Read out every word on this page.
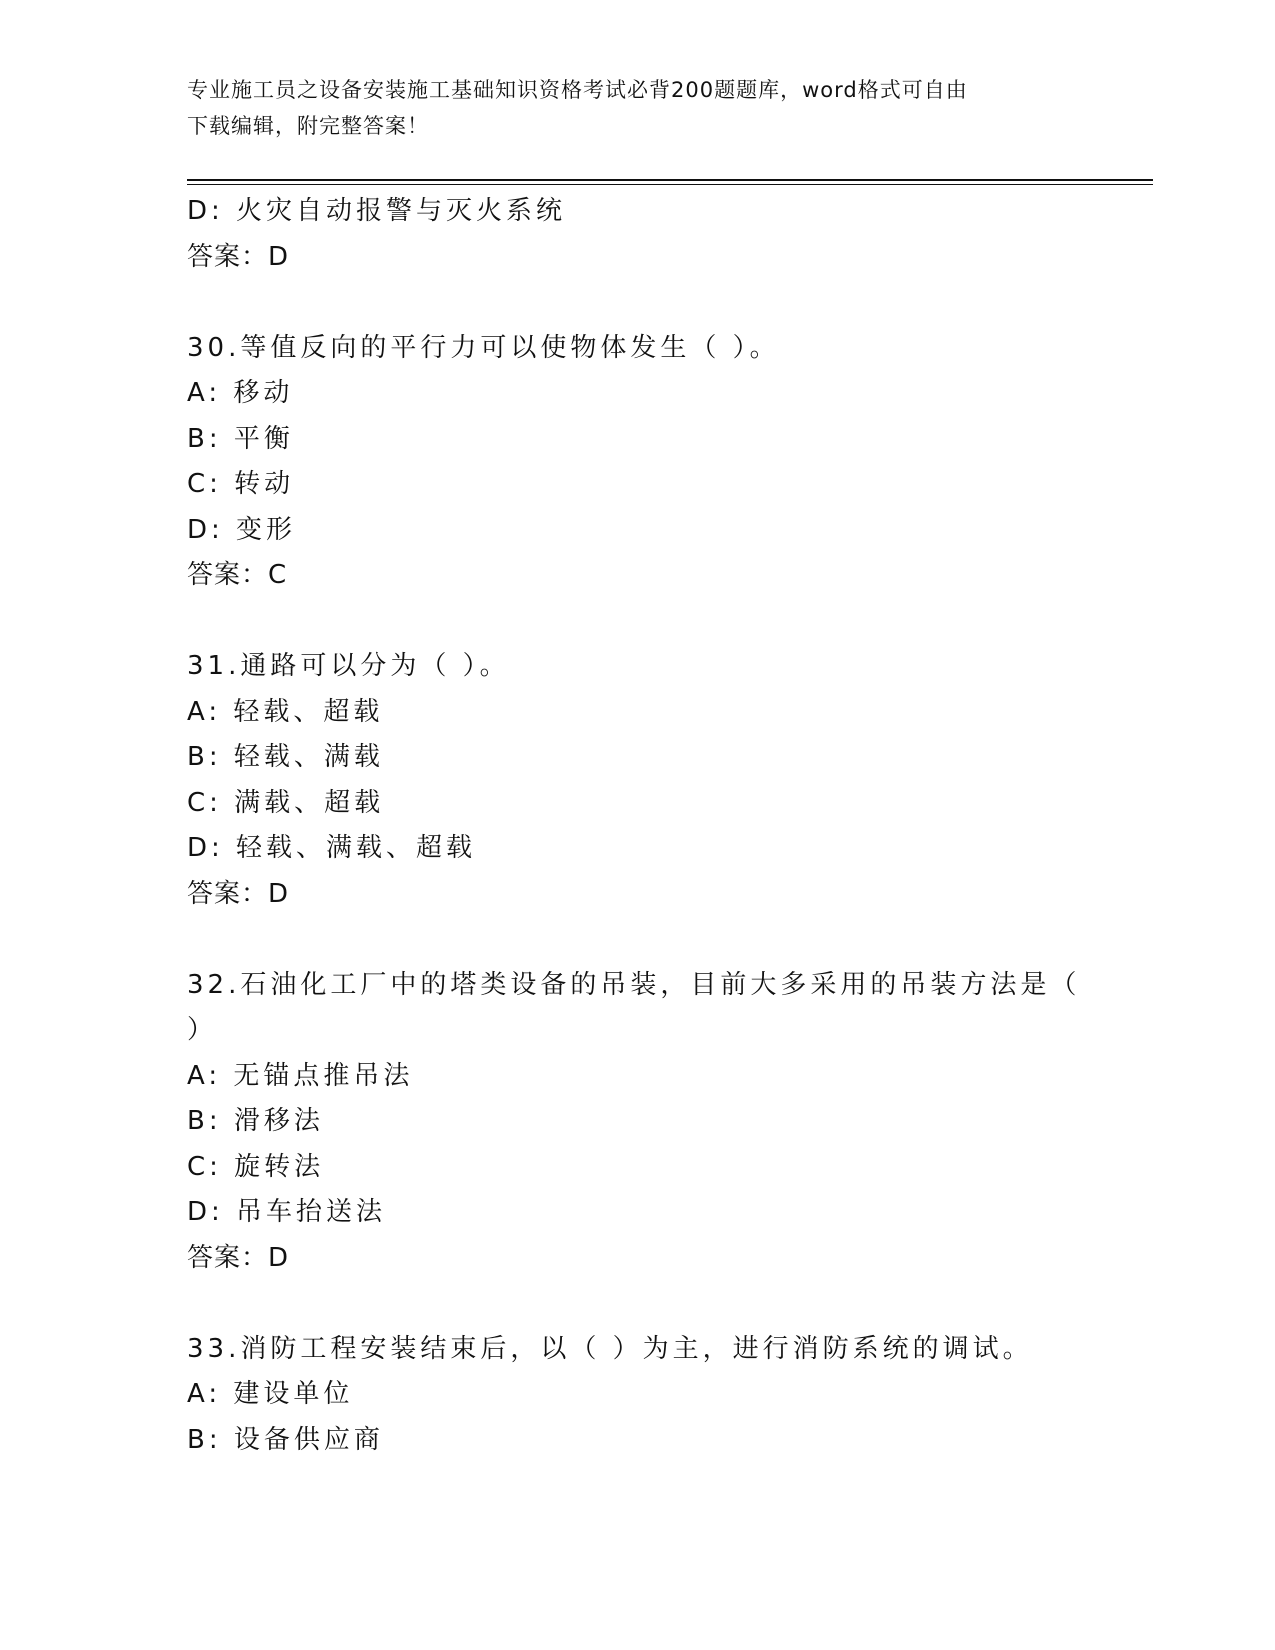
专业施工员之设备安装施工基础知识资格考试必背200题题库，word格式可自由
下载编辑，附完整答案！
D: 火灾自动报警与灭火系统
答案：D
30.等值反向的平行力可以使物体发生（ ）。
A: 移动
B: 平衡
C: 转动
D: 变形
答案：C
31.通路可以分为（ ）。
A: 轻载、超载
B: 轻载、满载
C: 满载、超载
D: 轻载、满载、超载
答案：D
32.石油化工厂中的塔类设备的吊装，目前大多采用的吊装方法是（
）
A: 无锚点推吊法
B: 滑移法
C: 旋转法
D: 吊车抬送法
答案：D
33.消防工程安装结束后，以（ ）为主，进行消防系统的调试。
A: 建设单位
B: 设备供应商
